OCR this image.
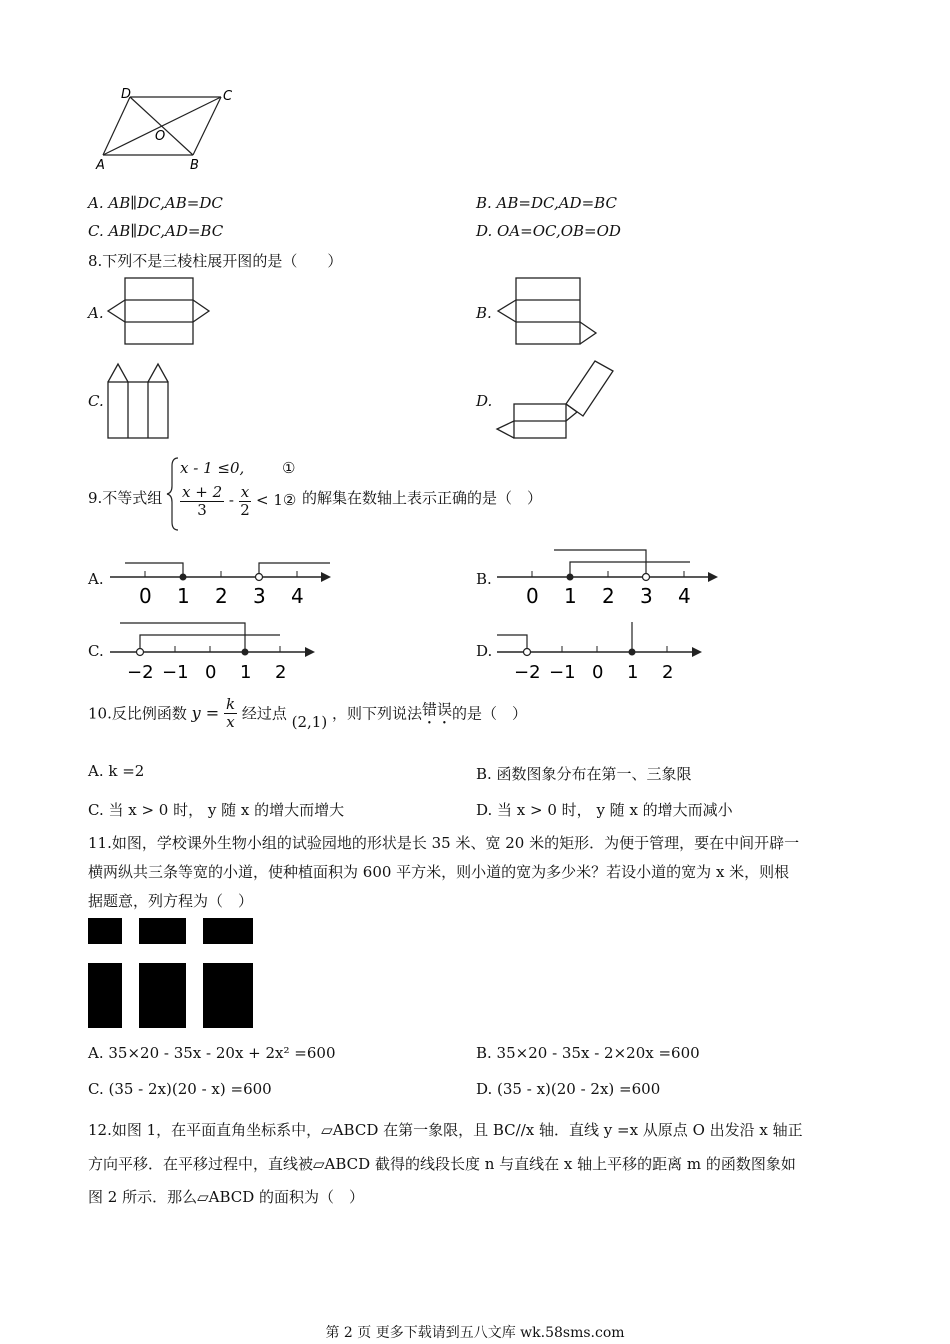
D	C
O
A	B
A. AB∥DC,AB=DC	B. AB=DC,AD=BC
C. AB∥DC,AD=BC	D. OA=OC,OB=OD
8.下列不是三棱柱展开图的是（　　）
A.	B.
C.	D.
9.不等式组
x - 1 ≤0,	①
$\frac{x + 2}{3} - \frac{x}{2}$ < 1② 的解集在数轴上表示正确的是（　）
A.
0 1 2 3 4
B.
0 1 2 3 4
C.
−2 −1 0 1 2
D.
−2 −1 0 1 2
10.反比例函数 $y = \frac{k}{x}$ 经过点 (2,1) ，则下列说法错误的是（　）
A. k =2	B. 函数图象分布在第一、三象限
C. 当 x > 0 时， y 随 x 的增大而增大	D. 当 x > 0 时， y 随 x 的增大而减小
11.如图，学校课外生物小组的试验园地的形状是长 35 米、宽 20 米的矩形．为便于管理，要在中间开辟一
横两纵共三条等宽的小道，使种植面积为 600 平方米，则小道的宽为多少米？若设小道的宽为 x 米，则根
据题意，列方程为（　）
A. 35×20 - 35x - 20x + 2x² =600	B. 35×20 - 35x - 2×20x =600
C. (35 - 2x)(20 - x) =600	D. (35 - x)(20 - 2x) =600
12.如图 1，在平面直角坐标系中，▱ABCD 在第一象限，且 BC//x 轴．直线 y =x 从原点 O 出发沿 x 轴正
方向平移．在平移过程中，直线被▱ABCD 截得的线段长度 n 与直线在 x 轴上平移的距离 m 的函数图象如
图 2 所示．那么▱ABCD 的面积为（　）
第 2 页 更多下载请到五八文库 wk.58sms.com
